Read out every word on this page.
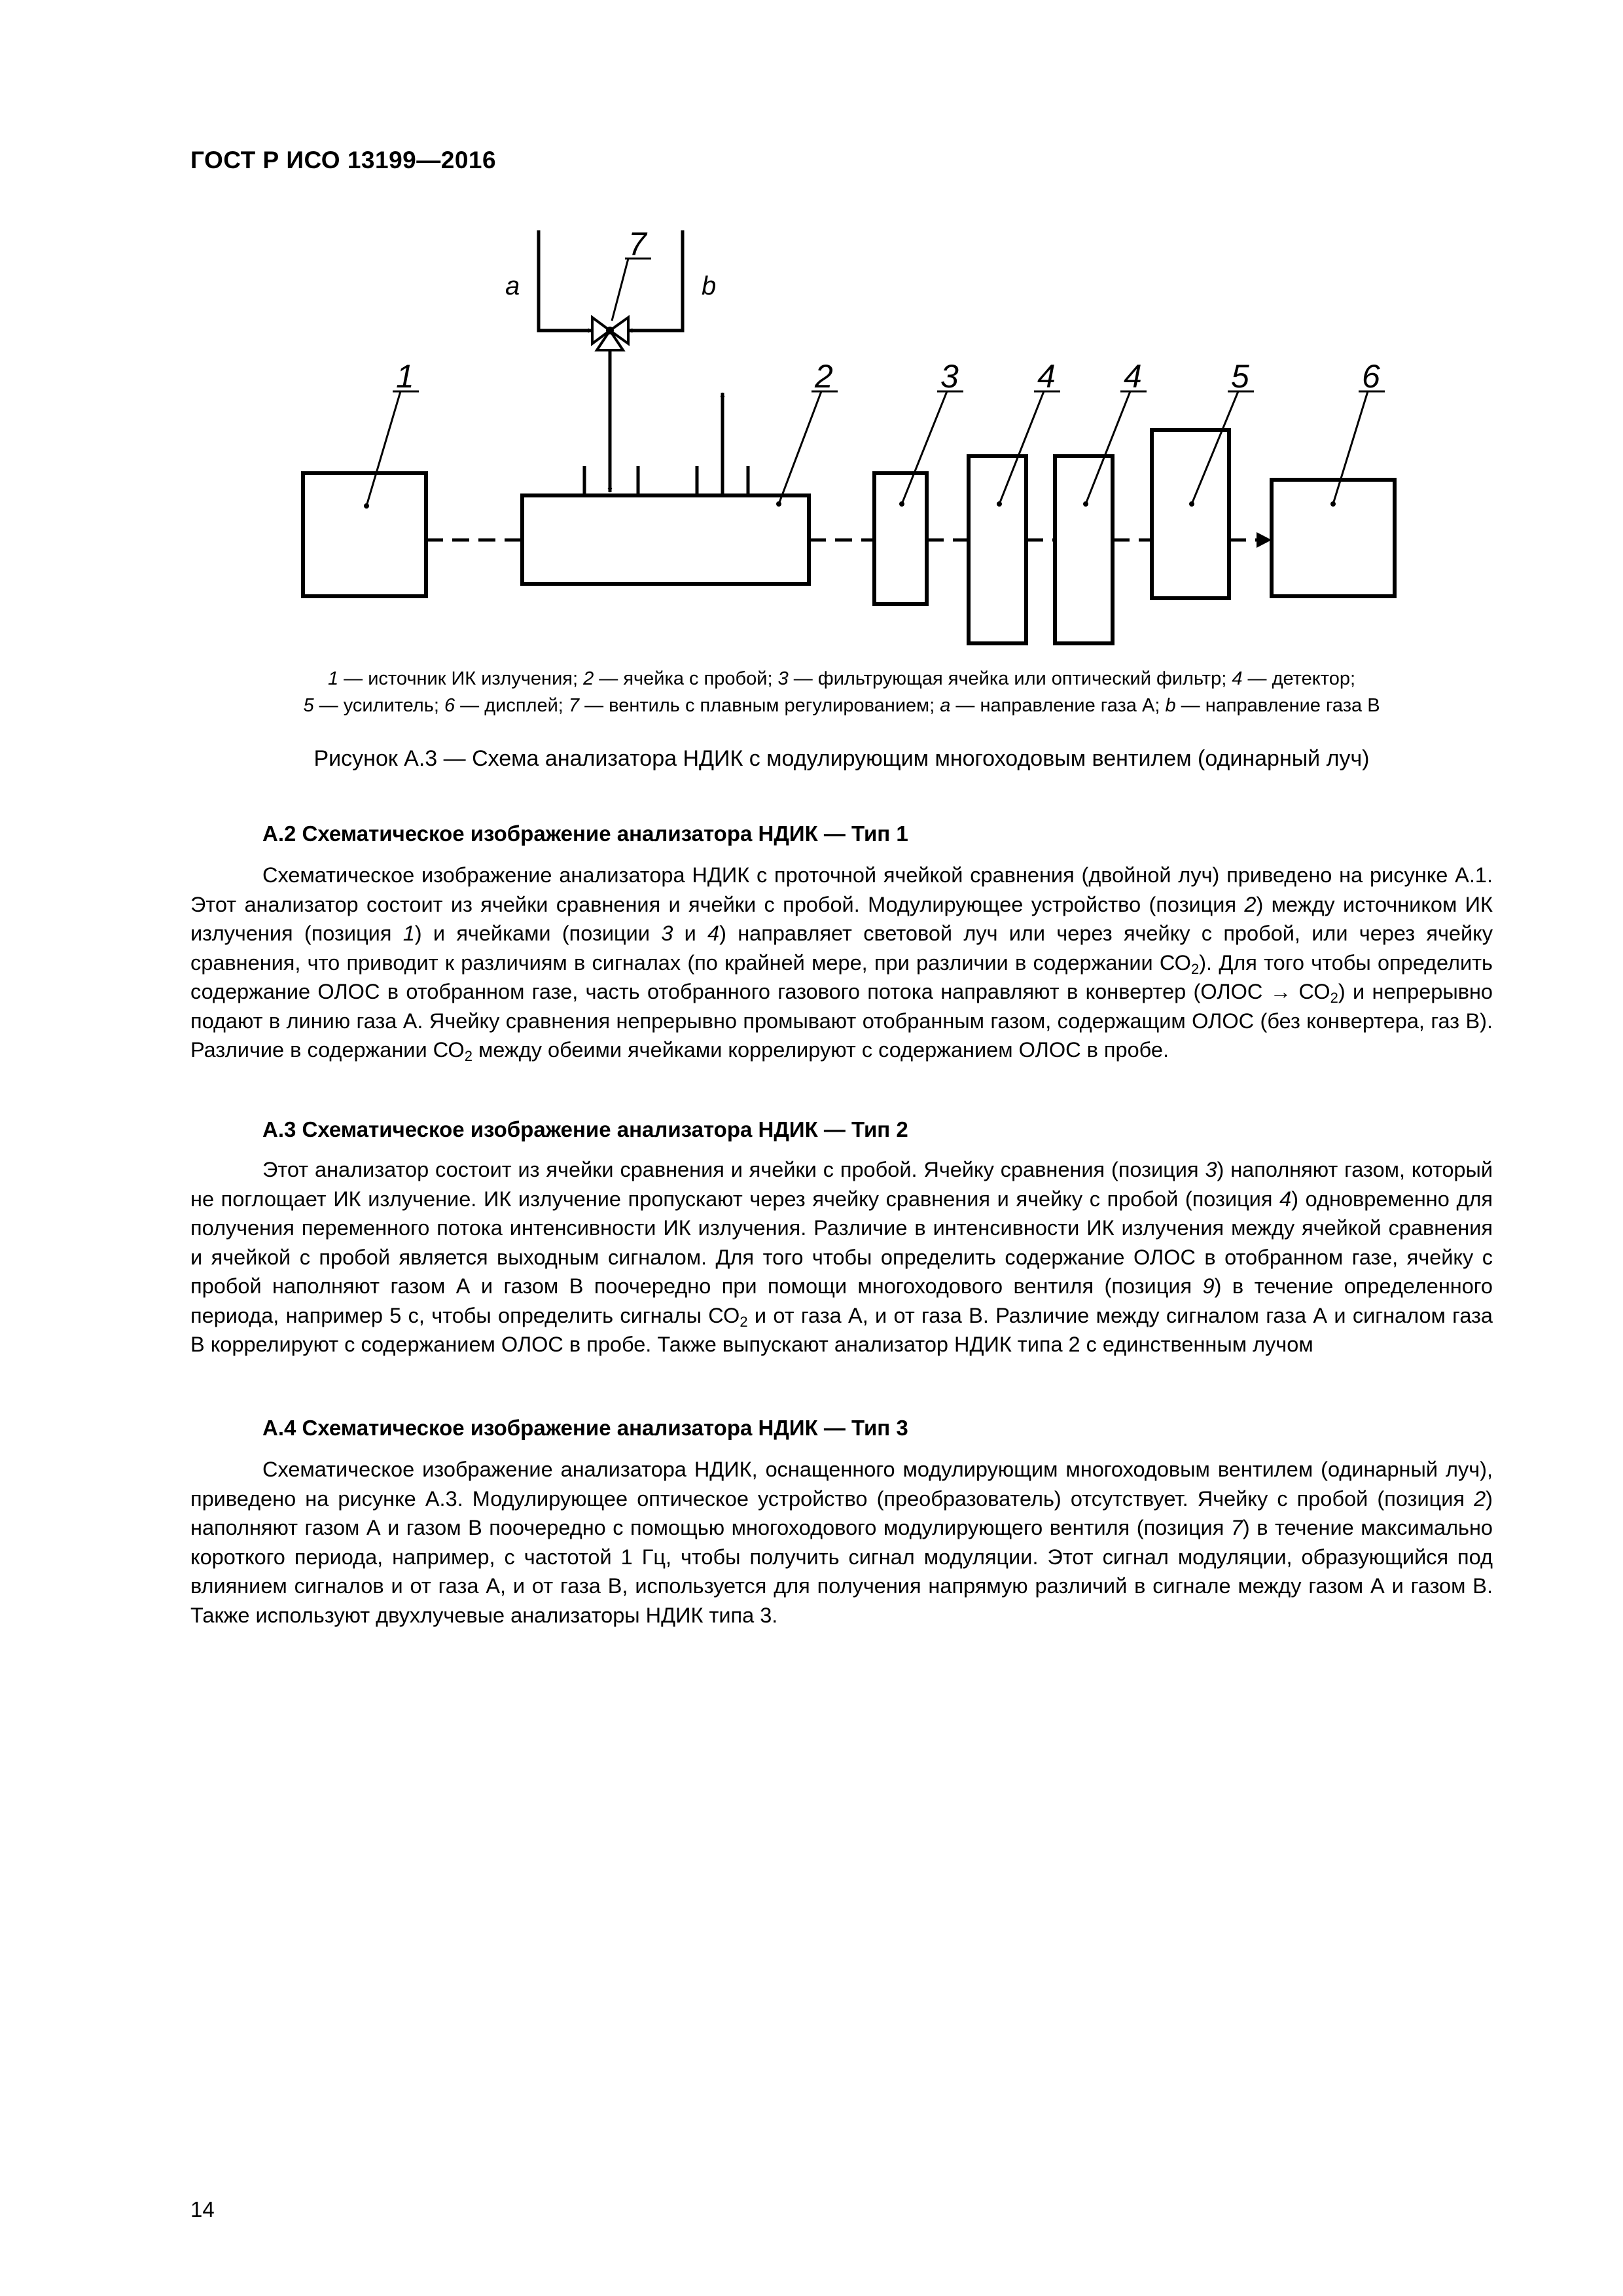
ГОСТ Р ИСО 13199—2016
1	2	3 4 4	5	6
7
a	b
1 — источник ИК излучения; 2 — ячейка с пробой; 3 — фильтрующая ячейка или оптический фильтр; 4 — детектор;
5 — усилитель; 6 — дисплей; 7 — вентиль с плавным регулированием; a — направление газа А; b — направление газа В
Рисунок А.3 — Схема анализатора НДИК с модулирующим многоходовым вентилем (одинарный луч)
А.2 Схематическое изображение анализатора НДИК — Тип 1
Схематическое изображение анализатора НДИК с проточной ячейкой сравнения (двойной луч) приведено на рисунке А.1. Этот анализатор состоит из ячейки сравнения и ячейки с пробой. Модулирующее устройство (позиция 2) между источником ИК излучения (позиция 1) и ячейками (позиции 3 и 4) направляет световой луч или через ячейку с пробой, или через ячейку сравнения, что приводит к различиям в сигналах (по крайней мере, при различии в содержании $СО_2$). Для того чтобы определить содержание ОЛОС в отобранном газе, часть отобранного газового потока направляют в конвертер (ОЛОС → $СО_2$) и непрерывно подают в линию газа А. Ячейку сравнения непрерывно промывают отобранным газом, содержащим ОЛОС (без конвертера, газ В). Различие в содержании $СО_2$ между обеими ячейками коррелируют с содержанием ОЛОС в пробе.
А.3 Схематическое изображение анализатора НДИК — Тип 2
Этот анализатор состоит из ячейки сравнения и ячейки с пробой. Ячейку сравнения (позиция 3) наполняют газом, который не поглощает ИК излучение. ИК излучение пропускают через ячейку сравнения и ячейку с пробой (позиция 4) одновременно для получения переменного потока интенсивности ИК излучения. Различие в интенсивности ИК излучения между ячейкой сравнения и ячейкой с пробой является выходным сигналом. Для того чтобы определить содержание ОЛОС в отобранном газе, ячейку с пробой наполняют газом А и газом В поочередно при помощи многоходового вентиля (позиция 9) в течение определенного периода, например 5 с, чтобы определить сигналы $СО_2$ и от газа А, и от газа В. Различие между сигналом газа А и сигналом газа В коррелируют с содержанием ОЛОС в пробе. Также выпускают анализатор НДИК типа 2 с единственным лучом
А.4 Схематическое изображение анализатора НДИК — Тип 3
Схематическое изображение анализатора НДИК, оснащенного модулирующим многоходовым вентилем (одинарный луч), приведено на рисунке А.3. Модулирующее оптическое устройство (преобразователь) отсутствует. Ячейку с пробой (позиция 2) наполняют газом А и газом В поочередно с помощью многоходового модулирующего вентиля (позиция 7) в течение максимально короткого периода, например, с частотой 1 Гц, чтобы получить сигнал модуляции. Этот сигнал модуляции, образующийся под влиянием сигналов и от газа А, и от газа В, используется для получения напрямую различий в сигнале между газом А и газом В. Также используют двухлучевые анализаторы НДИК типа 3.
14
